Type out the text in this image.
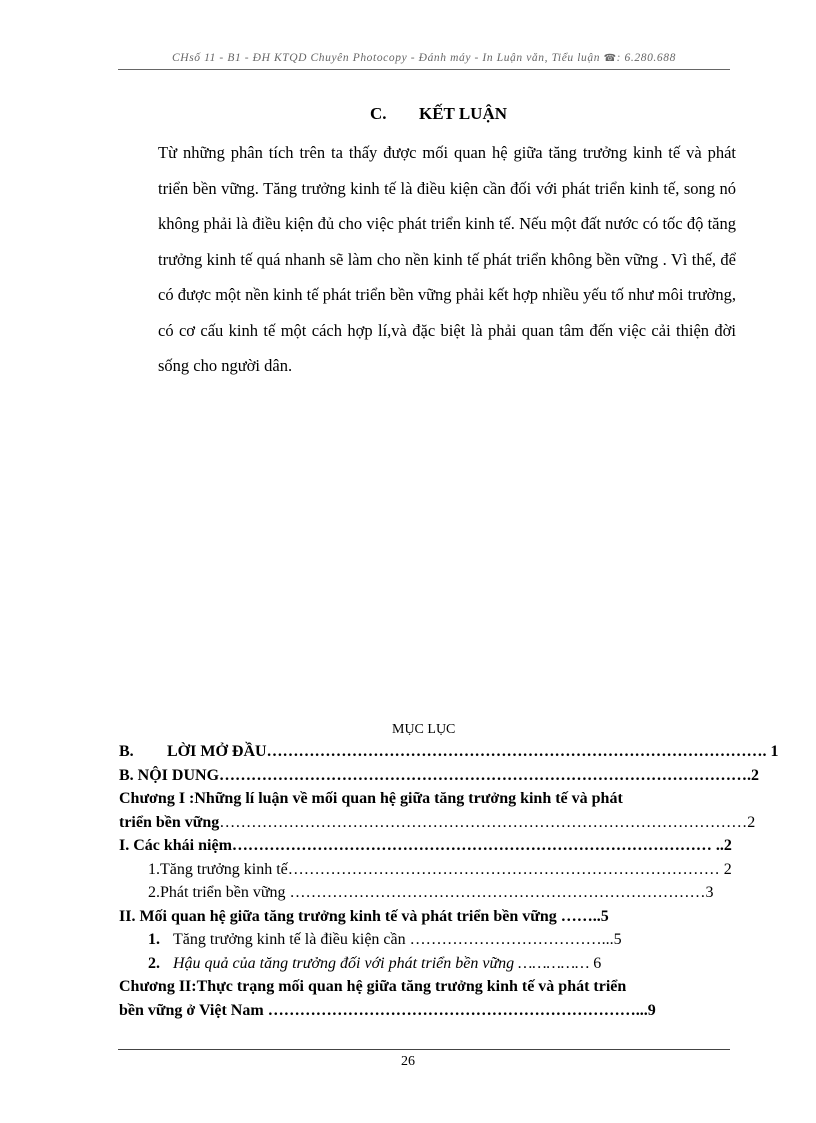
CHsố 11 - B1 - ĐH KTQD Chuyên Photocopy - Đánh máy - In Luận văn, Tiểu luận ☎: 6.280.688
C. KẾT LUẬN

Từ những phân tích trên ta thấy được mối quan hệ giữa tăng trưởng kinh tế và phát triển bền vững. Tăng trưởng kinh tế là điều kiện cần đối với phát triển kinh tế, song nó không phải là điều kiện đủ cho việc phát triển kinh tế. Nếu một đất nước có tốc độ tăng trưởng kinh tế quá nhanh sẽ làm cho nền kinh tế phát triển không bền vững . Vì thế, để có được một nền kinh tế phát triển bền vững phải kết hợp nhiều yếu tố như môi trường, có cơ cấu kinh tế một cách hợp lí,và đặc biệt là phải quan tâm đến việc cải thiện đời sống cho người dân.

MỤC LỤC
B. LỜI MỞ ĐẦU…………………………………………………………………………………. 1
B. NỘI DUNG……………………………………………………………………………………….2
Chương I :Những lí luận về mối quan hệ giữa tăng trưởng kinh tế và phát
triển bền vững………………………………………………………………………………………2
I. Các khái niệm……………………………………………………………………………… ..2
1.Tăng trưởng kinh tế……………………………………………………………………… 2
2.Phát triển bền vững ……………………………………………………………………3
II. Mối quan hệ giữa tăng trưởng kinh tế và phát triển bền vững ……..5
1. Tăng trưởng kinh tế là điều kiện cần ………………………………...5
2. Hậu quả của tăng trưởng đối với phát triển bền vững …………… 6
Chương II:Thực trạng mối quan hệ giữa tăng trưởng kinh tế và phát triển
bền vững ở Việt Nam ……………………………………………………………...9
26
